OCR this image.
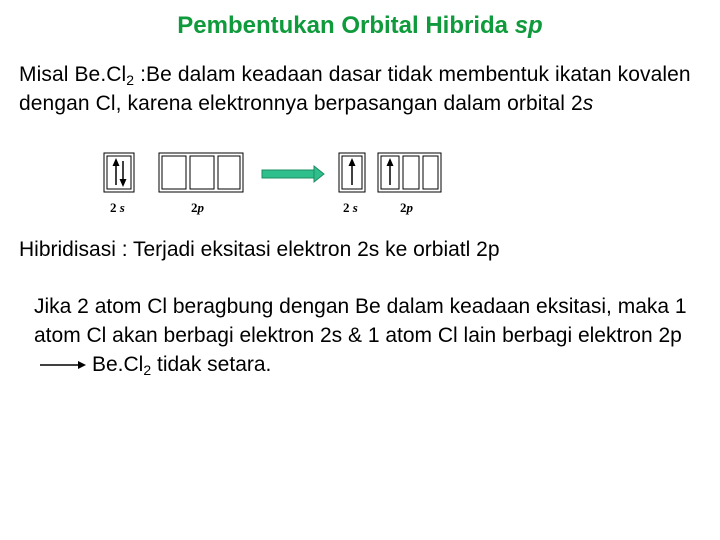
Pembentukan Orbital Hibrida sp
Misal $Be.Cl_2$ :Be dalam keadaan dasar tidak membentuk ikatan kovalen dengan Cl, karena elektronnya berpasangan dalam orbital 2s
2 s	2p	2 s	2p
Hibridisasi : Terjadi eksitasi elektron 2s ke orbiatl 2p
Jika 2 atom Cl beragbung dengan Be dalam keadaan eksitasi, maka 1 atom Cl akan berbagi elektron 2s & 1 atom Cl lain berbagi elektron $2pBe.Cl_2$ tidak setara.
